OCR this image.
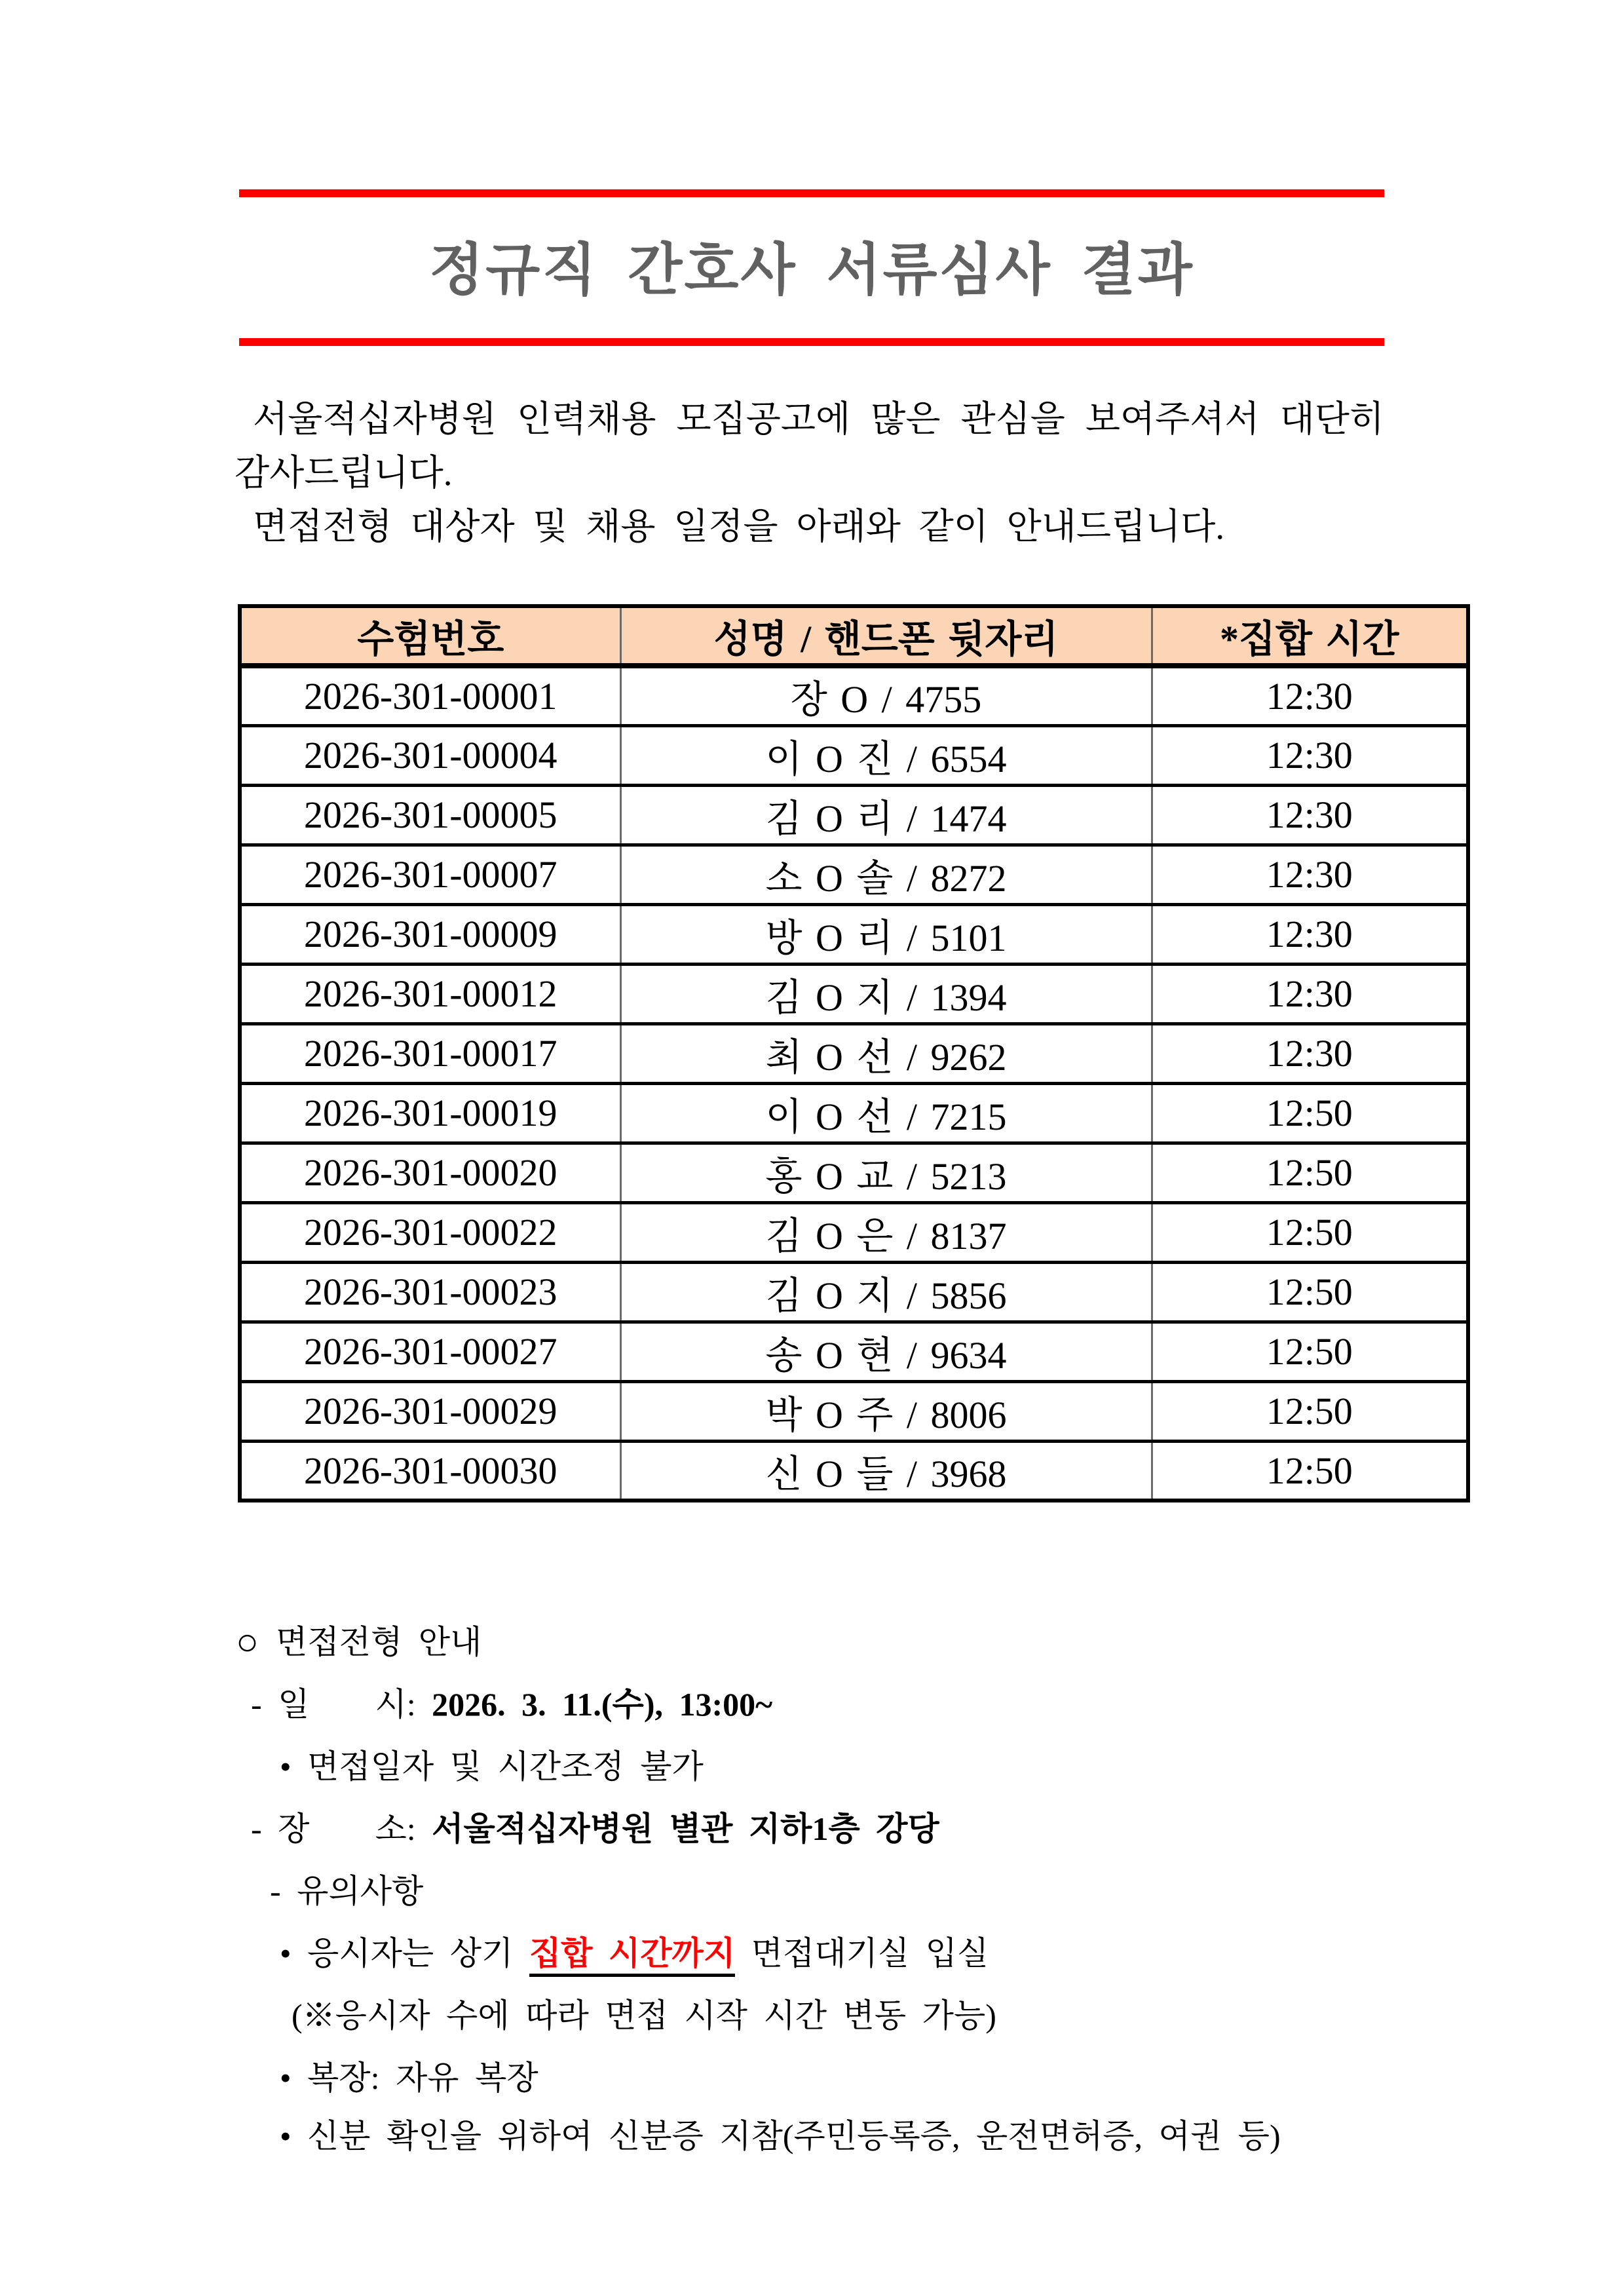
정규직 간호사 서류심사 결과
서울적십자병원 인력채용 모집공고에 많은 관심을 보여주셔서 대단히
감사드립니다.
면접전형 대상자 및 채용 일정을 아래와 같이 안내드립니다.
수험번호	성명 / 핸드폰 뒷자리	*집합 시간
2026-301-00001	장 O / 4755	12:30
2026-301-00004	이 O 진 / 6554	12:30
2026-301-00005	김 O 리 / 1474	12:30
2026-301-00007	소 O 솔 / 8272	12:30
2026-301-00009	방 O 리 / 5101	12:30
2026-301-00012	김 O 지 / 1394	12:30
2026-301-00017	최 O 선 / 9262	12:30
2026-301-00019	이 O 선 / 7215	12:50
2026-301-00020	홍 O 교 / 5213	12:50
2026-301-00022	김 O 은 / 8137	12:50
2026-301-00023	김 O 지 / 5856	12:50
2026-301-00027	송 O 현 / 9634	12:50
2026-301-00029	박 O 주 / 8006	12:50
2026-301-00030	신 O 들 / 3968	12:50
○ 면접전형 안내
- 일　　시: 2026. 3. 11.(수), 13:00~
• 면접일자 및 시간조정 불가
- 장　　소: 서울적십자병원 별관 지하1층 강당
- 유의사항
• 응시자는 상기 집합 시간까지 면접대기실 입실
(※응시자 수에 따라 면접 시작 시간 변동 가능)
• 복장: 자유 복장
• 신분 확인을 위하여 신분증 지참(주민등록증, 운전면허증, 여권 등)
